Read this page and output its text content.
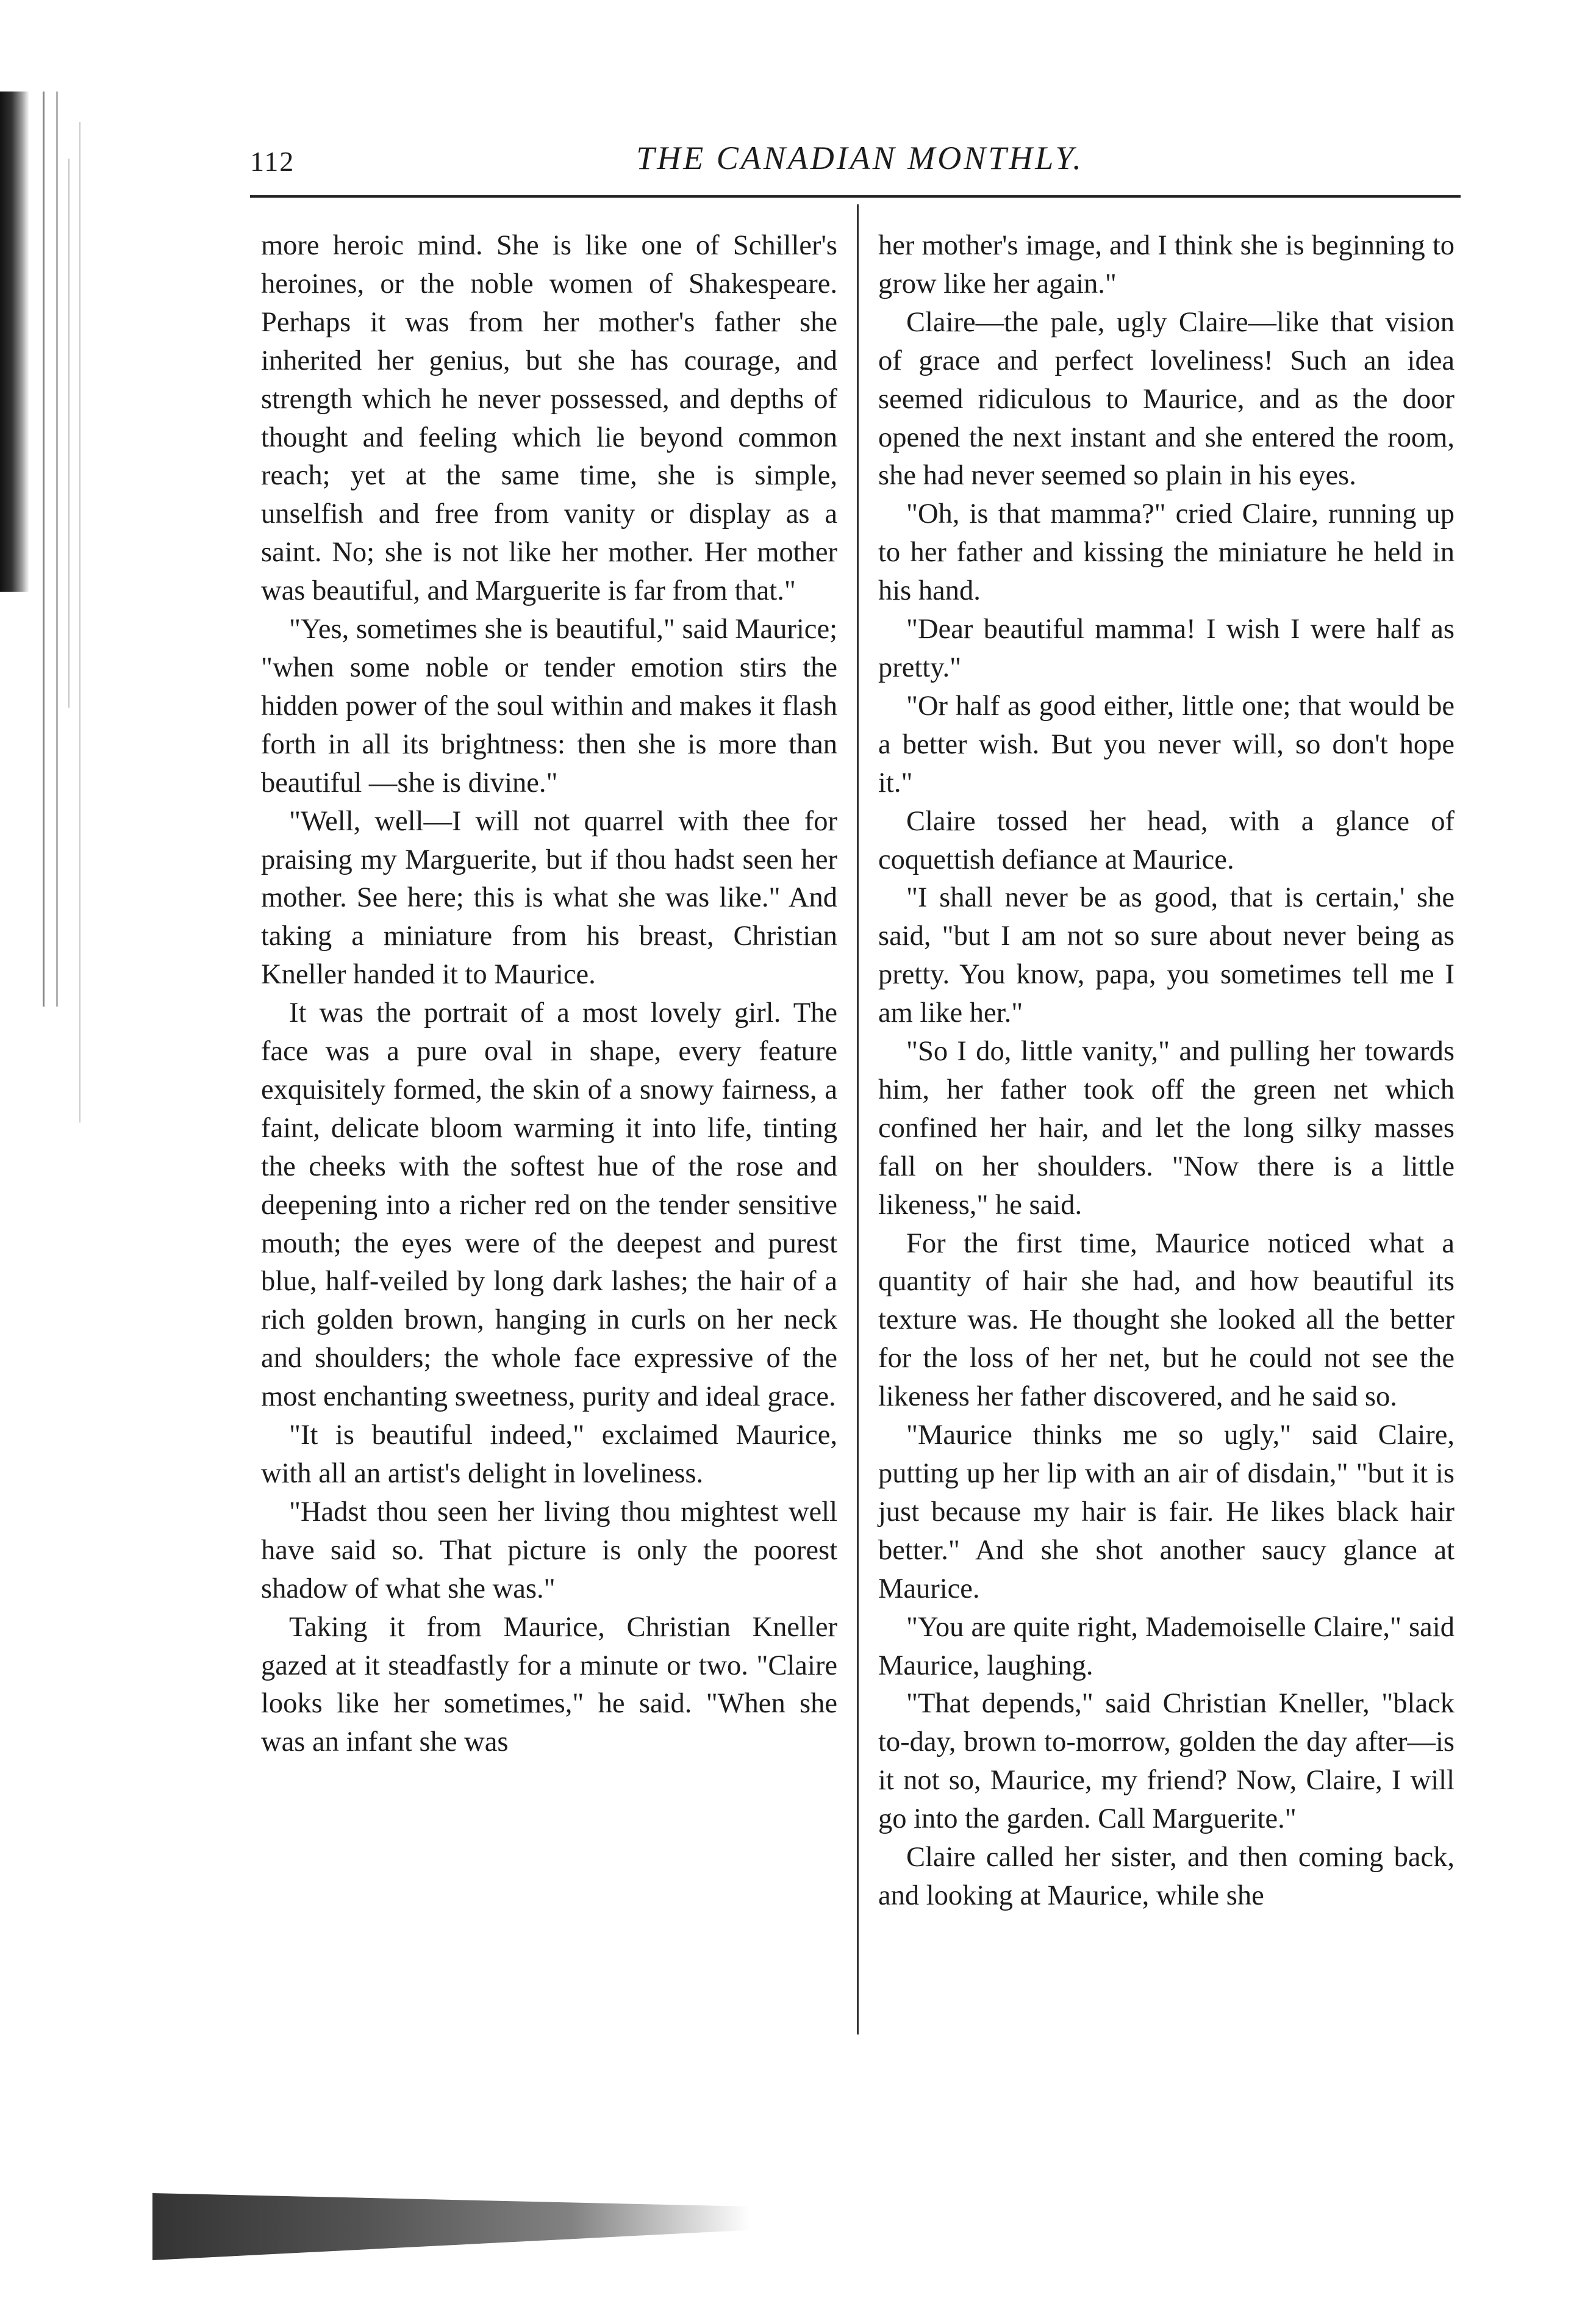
112	THE CANADIAN MONTHLY.

more heroic mind. She is like one of Schiller's heroines, or the noble women of Shakespeare. Perhaps it was from her mother's father she inherited her genius, but she has courage, and strength which he never possessed, and depths of thought and feeling which lie beyond common reach; yet at the same time, she is simple, unselfish and free from vanity or display as a saint. No; she is not like her mother. Her mother was beautiful, and Marguerite is far from that."

"Yes, sometimes she is beautiful," said Maurice; "when some noble or tender emotion stirs the hidden power of the soul within and makes it flash forth in all its brightness: then she is more than beautiful —she is divine."

"Well, well—I will not quarrel with thee for praising my Marguerite, but if thou hadst seen her mother. See here; this is what she was like." And taking a miniature from his breast, Christian Kneller handed it to Maurice.

It was the portrait of a most lovely girl. The face was a pure oval in shape, every feature exquisitely formed, the skin of a snowy fairness, a faint, delicate bloom warming it into life, tinting the cheeks with the softest hue of the rose and deepening into a richer red on the tender sensitive mouth; the eyes were of the deepest and purest blue, half-veiled by long dark lashes; the hair of a rich golden brown, hanging in curls on her neck and shoulders; the whole face expressive of the most enchanting sweetness, purity and ideal grace.

"It is beautiful indeed," exclaimed Maurice, with all an artist's delight in loveliness.

"Hadst thou seen her living thou mightest well have said so. That picture is only the poorest shadow of what she was."

Taking it from Maurice, Christian Kneller gazed at it steadfastly for a minute or two. "Claire looks like her sometimes," he said. "When she was an infant she was

her mother's image, and I think she is beginning to grow like her again."

Claire—the pale, ugly Claire—like that vision of grace and perfect loveliness! Such an idea seemed ridiculous to Maurice, and as the door opened the next instant and she entered the room, she had never seemed so plain in his eyes.

"Oh, is that mamma?" cried Claire, running up to her father and kissing the miniature he held in his hand.

"Dear beautiful mamma! I wish I were half as pretty."

"Or half as good either, little one; that would be a better wish. But you never will, so don't hope it."

Claire tossed her head, with a glance of coquettish defiance at Maurice.

"I shall never be as good, that is certain,' she said, "but I am not so sure about never being as pretty. You know, papa, you sometimes tell me I am like her."

"So I do, little vanity," and pulling her towards him, her father took off the green net which confined her hair, and let the long silky masses fall on her shoulders. "Now there is a little likeness," he said.

For the first time, Maurice noticed what a quantity of hair she had, and how beautiful its texture was. He thought she looked all the better for the loss of her net, but he could not see the likeness her father discovered, and he said so.

"Maurice thinks me so ugly," said Claire, putting up her lip with an air of disdain," "but it is just because my hair is fair. He likes black hair better." And she shot another saucy glance at Maurice.

"You are quite right, Mademoiselle Claire," said Maurice, laughing.

"That depends," said Christian Kneller, "black to-day, brown to-morrow, golden the day after—is it not so, Maurice, my friend? Now, Claire, I will go into the garden. Call Marguerite."

Claire called her sister, and then coming back, and looking at Maurice, while she
